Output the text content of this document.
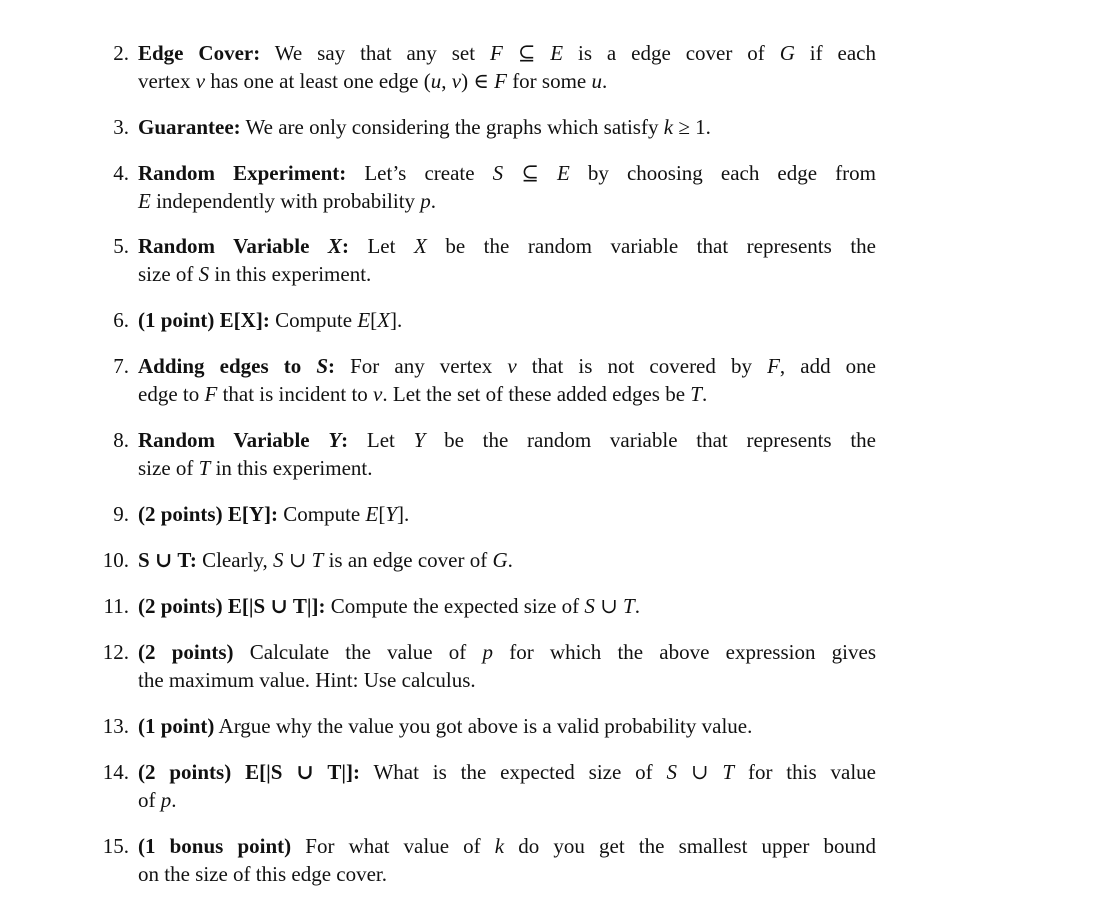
2. Edge Cover: We say that any set F ⊆ E is a edge cover of G if each
vertex v has one at least one edge (u, v) ∈ F for some u.
3. Guarantee: We are only considering the graphs which satisfy k ≥ 1.
4. Random Experiment: Let’s create S ⊆ E by choosing each edge from
E independently with probability p.
5. Random Variable X: Let X be the random variable that represents the
size of S in this experiment.
6. (1 point) E[X]: Compute E[X].
7. Adding edges to S: For any vertex v that is not covered by F, add one
edge to F that is incident to v. Let the set of these added edges be T.
8. Random Variable Y: Let Y be the random variable that represents the
size of T in this experiment.
9. (2 points) E[Y]: Compute E[Y].
10. S ∪ T: Clearly, S ∪ T is an edge cover of G.
11. (2 points) E[|S ∪ T|]: Compute the expected size of S ∪ T.
12. (2 points) Calculate the value of p for which the above expression gives
the maximum value. Hint: Use calculus.
13. (1 point) Argue why the value you got above is a valid probability value.
14. (2 points) E[|S ∪ T|]: What is the expected size of S ∪ T for this value
of p.
15. (1 bonus point) For what value of k do you get the smallest upper bound
on the size of this edge cover.
